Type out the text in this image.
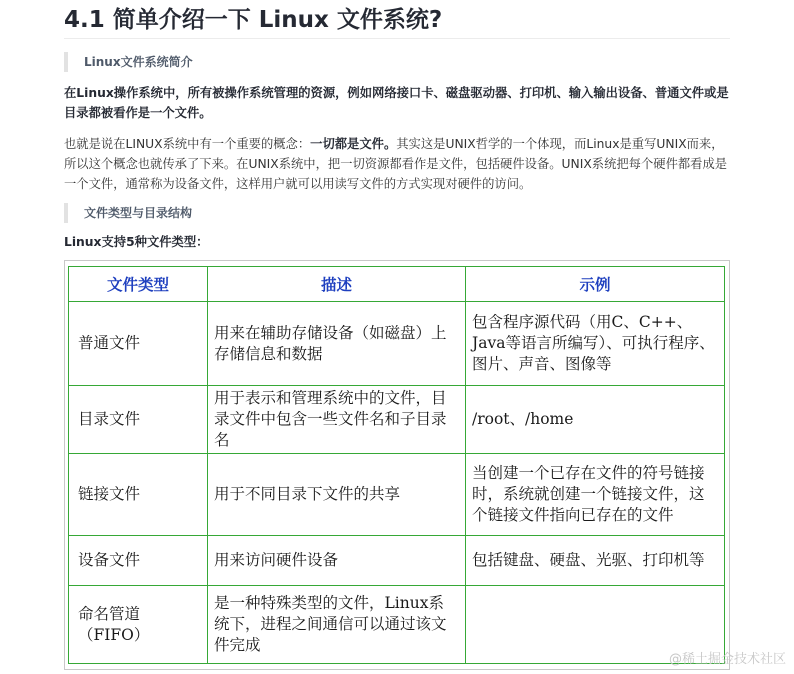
4.1 简单介绍一下 Linux 文件系统?
Linux文件系统简介

在Linux操作系统中，所有被操作系统管理的资源，例如网络接口卡、磁盘驱动器、打印机、输入输出设备、普通文件或是目录都被看作是一个文件。

也就是说在LINUX系统中有一个重要的概念：一切都是文件。其实这是UNIX哲学的一个体现，而Linux是重写UNIX而来，所以这个概念也就传承了下来。在UNIX系统中，把一切资源都看作是文件，包括硬件设备。UNIX系统把每个硬件都看成是一个文件，通常称为设备文件，这样用户就可以用读写文件的方式实现对硬件的访问。

文件类型与目录结构

Linux支持5种文件类型：

文件类型	描述	示例
普通文件	用来在辅助存储设备（如磁盘）上存储信息和数据	包含程序源代码（用C、C++、Java等语言所编写）、可执行程序、图片、声音、图像等
目录文件	用于表示和管理系统中的文件，目录文件中包含一些文件名和子目录名	/root、/home
链接文件	用于不同目录下文件的共享	当创建一个已存在文件的符号链接时，系统就创建一个链接文件，这个链接文件指向已存在的文件
设备文件	用来访问硬件设备	包括键盘、硬盘、光驱、打印机等
命名管道（FIFO）	是一种特殊类型的文件，Linux系统下，进程之间通信可以通过该文件完成	
@稀土掘金技术社区
